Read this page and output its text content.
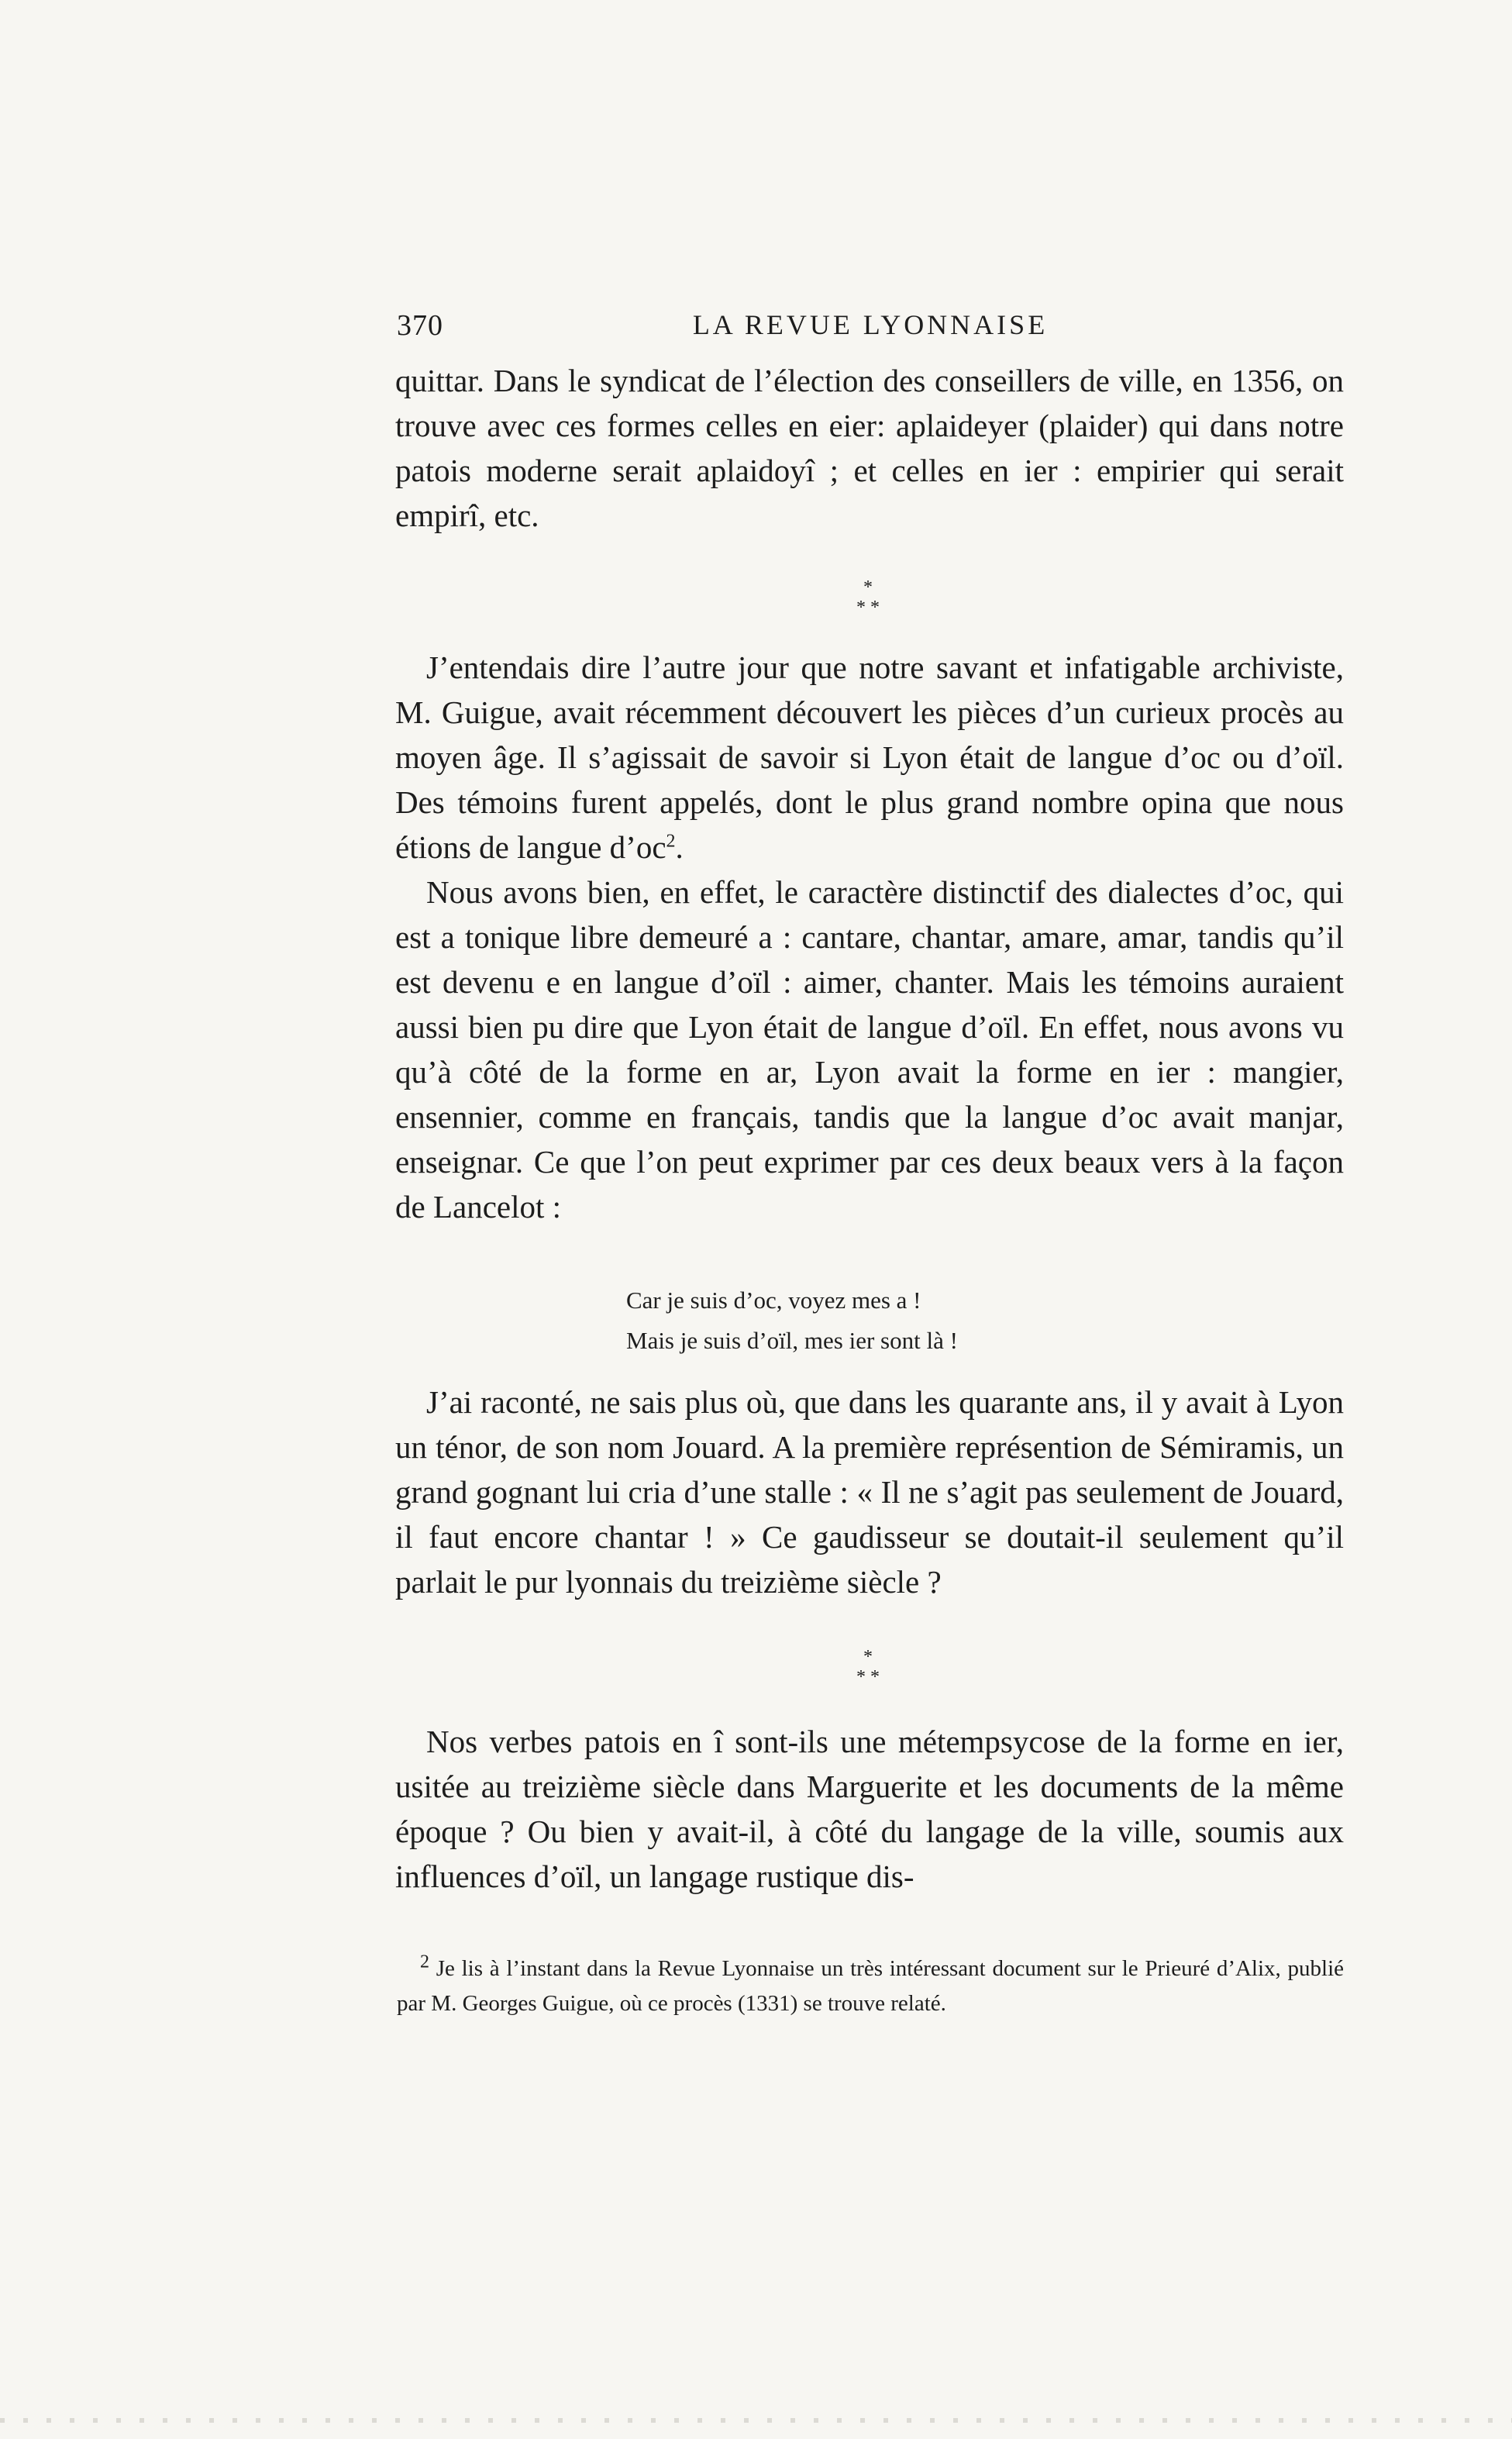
370	LA REVUE LYONNAISE

quittar. Dans le syndicat de l’élection des conseillers de ville, en 1356, on trouve avec ces formes celles en eier: aplaideyer (plaider) qui dans notre patois moderne serait aplaidoyî ; et celles en ier : empirier qui serait empirî, etc.

*
* *

J’entendais dire l’autre jour que notre savant et infatigable archiviste, M. Guigue, avait récemment découvert les pièces d’un curieux procès au moyen âge. Il s’agissait de savoir si Lyon était de langue d’oc ou d’oïl. Des témoins furent appelés, dont le plus grand nombre opina que nous étions de langue $d’oc^2$.

Nous avons bien, en effet, le caractère distinctif des dialectes d’oc, qui est a tonique libre demeuré a : cantare, chantar, amare, amar, tandis qu’il est devenu e en langue d’oïl : aimer, chanter. Mais les témoins auraient aussi bien pu dire que Lyon était de langue d’oïl. En effet, nous avons vu qu’à côté de la forme en ar, Lyon avait la forme en ier : mangier, ensennier, comme en français, tandis que la langue d’oc avait manjar, enseignar. Ce que l’on peut exprimer par ces deux beaux vers à la façon de Lancelot :

Car je suis d’oc, voyez mes a !
Mais je suis d’oïl, mes ier sont là !

J’ai raconté, ne sais plus où, que dans les quarante ans, il y avait à Lyon un ténor, de son nom Jouard. A la première représention de Sémiramis, un grand gognant lui cria d’une stalle : « Il ne s’agit pas seulement de Jouard, il faut encore chantar ! » Ce gaudisseur se doutait-il seulement qu’il parlait le pur lyonnais du treizième siècle ?

*
* *

Nos verbes patois en î sont-ils une métempsycose de la forme en ier, usitée au treizième siècle dans Marguerite et les documents de la même époque ? Ou bien y avait-il, à côté du langage de la ville, soumis aux influences d’oïl, un langage rustique dis-

$^2$ Je lis à l’instant dans la Revue Lyonnaise un très intéressant document sur le Prieuré d’Alix, publié par M. Georges Guigue, où ce procès (1331) se trouve relaté.
